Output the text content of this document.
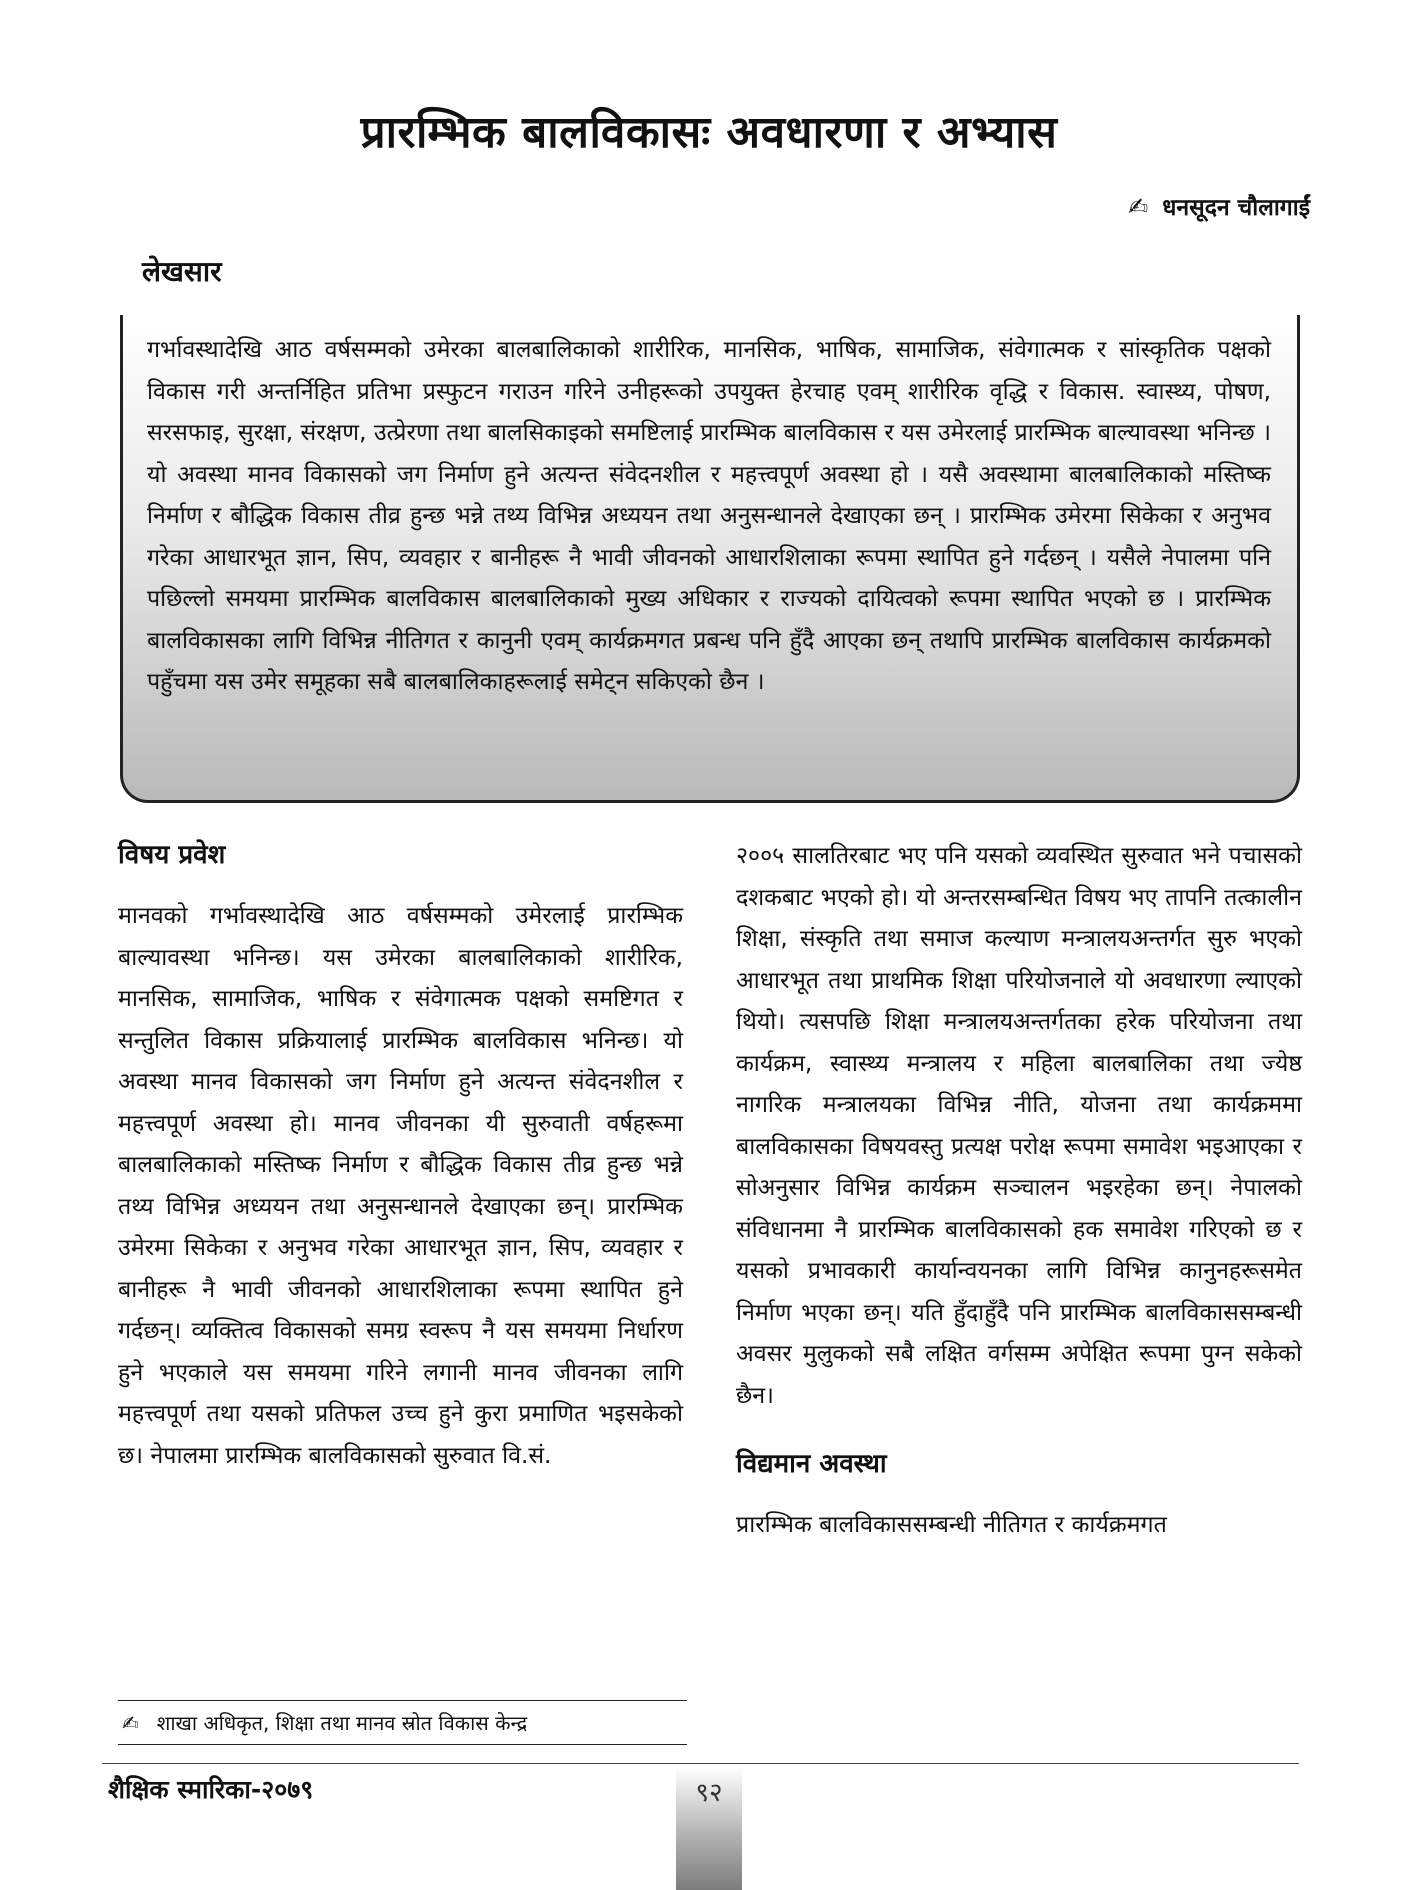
प्रारम्भिक बालविकासः अवधारणा र अभ्यास
✍ धनसूदन चौलागाईं
लेखसार

गर्भावस्थादेखि आठ वर्षसम्मको उमेरका बालबालिकाको शारीरिक, मानसिक, भाषिक, सामाजिक, संवेगात्मक र सांस्कृतिक पक्षको विकास गरी अन्तर्निहित प्रतिभा प्रस्फुटन गराउन गरिने उनीहरूको उपयुक्त हेरचाह एवम् शारीरिक वृद्धि र विकास. स्वास्थ्य, पोषण, सरसफाइ, सुरक्षा, संरक्षण, उत्प्रेरणा तथा बालसिकाइको समष्टिलाई प्रारम्भिक बालविकास र यस उमेरलाई प्रारम्भिक बाल्यावस्था भनिन्छ । यो अवस्था मानव विकासको जग निर्माण हुने अत्यन्त संवेदनशील र महत्त्वपूर्ण अवस्था हो । यसै अवस्थामा बालबालिकाको मस्तिष्क निर्माण र बौद्धिक विकास तीव्र हुन्छ भन्ने तथ्य विभिन्न अध्ययन तथा अनुसन्धानले देखाएका छन् । प्रारम्भिक उमेरमा सिकेका र अनुभव गरेका आधारभूत ज्ञान, सिप, व्यवहार र बानीहरू नै भावी जीवनको आधारशिलाका रूपमा स्थापित हुने गर्दछन् । यसैले नेपालमा पनि पछिल्लो समयमा प्रारम्भिक बालविकास बालबालिकाको मुख्य अधिकार र राज्यको दायित्वको रूपमा स्थापित भएको छ । प्रारम्भिक बालविकासका लागि विभिन्न नीतिगत र कानुनी एवम् कार्यक्रमगत प्रबन्ध पनि हुँदै आएका छन् तथापि प्रारम्भिक बालविकास कार्यक्रमको पहुँचमा यस उमेर समूहका सबै बालबालिकाहरूलाई समेट्न सकिएको छैन ।

विषय प्रवेश

मानवको गर्भावस्थादेखि आठ वर्षसम्मको उमेरलाई प्रारम्भिक बाल्यावस्था भनिन्छ। यस उमेरका बालबालिकाको शारीरिक, मानसिक, सामाजिक, भाषिक र संवेगात्मक पक्षको समष्टिगत र सन्तुलित विकास प्रक्रियालाई प्रारम्भिक बालविकास भनिन्छ। यो अवस्था मानव विकासको जग निर्माण हुने अत्यन्त संवेदनशील र महत्त्वपूर्ण अवस्था हो। मानव जीवनका यी सुरुवाती वर्षहरूमा बालबालिकाको मस्तिष्क निर्माण र बौद्धिक विकास तीव्र हुन्छ भन्ने तथ्य विभिन्न अध्ययन तथा अनुसन्धानले देखाएका छन्। प्रारम्भिक उमेरमा सिकेका र अनुभव गरेका आधारभूत ज्ञान, सिप, व्यवहार र बानीहरू नै भावी जीवनको आधारशिलाका रूपमा स्थापित हुने गर्दछन्। व्यक्तित्व विकासको समग्र स्वरूप नै यस समयमा निर्धारण हुने भएकाले यस समयमा गरिने लगानी मानव जीवनका लागि महत्त्वपूर्ण तथा यसको प्रतिफल उच्च हुने कुरा प्रमाणित भइसकेको छ। नेपालमा प्रारम्भिक बालविकासको सुरुवात वि.सं.

२००५ सालतिरबाट भए पनि यसको व्यवस्थित सुरुवात भने पचासको दशकबाट भएको हो। यो अन्तरसम्बन्धित विषय भए तापनि तत्कालीन शिक्षा, संस्कृति तथा समाज कल्याण मन्त्रालयअन्तर्गत सुरु भएको आधारभूत तथा प्राथमिक शिक्षा परियोजनाले यो अवधारणा ल्याएको थियो। त्यसपछि शिक्षा मन्त्रालयअन्तर्गतका हरेक परियोजना तथा कार्यक्रम, स्वास्थ्य मन्त्रालय र महिला बालबालिका तथा ज्येष्ठ नागरिक मन्त्रालयका विभिन्न नीति, योजना तथा कार्यक्रममा बालविकासका विषयवस्तु प्रत्यक्ष परोक्ष रूपमा समावेश भइआएका र सोअनुसार विभिन्न कार्यक्रम सञ्चालन भइरहेका छन्। नेपालको संविधानमा नै प्रारम्भिक बालविकासको हक समावेश गरिएको छ र यसको प्रभावकारी कार्यान्वयनका लागि विभिन्न कानुनहरूसमेत निर्माण भएका छन्। यति हुँदाहुँदै पनि प्रारम्भिक बालविकाससम्बन्धी अवसर मुलुकको सबै लक्षित वर्गसम्म अपेक्षित रूपमा पुग्न सकेको छैन।

विद्यमान अवस्था

प्रारम्भिक बालविकाससम्बन्धी नीतिगत र कार्यक्रमगत

✍ शाखा अधिकृत, शिक्षा तथा मानव स्रोत विकास केन्द्र
शैक्षिक स्मारिका-२०७९	९२
